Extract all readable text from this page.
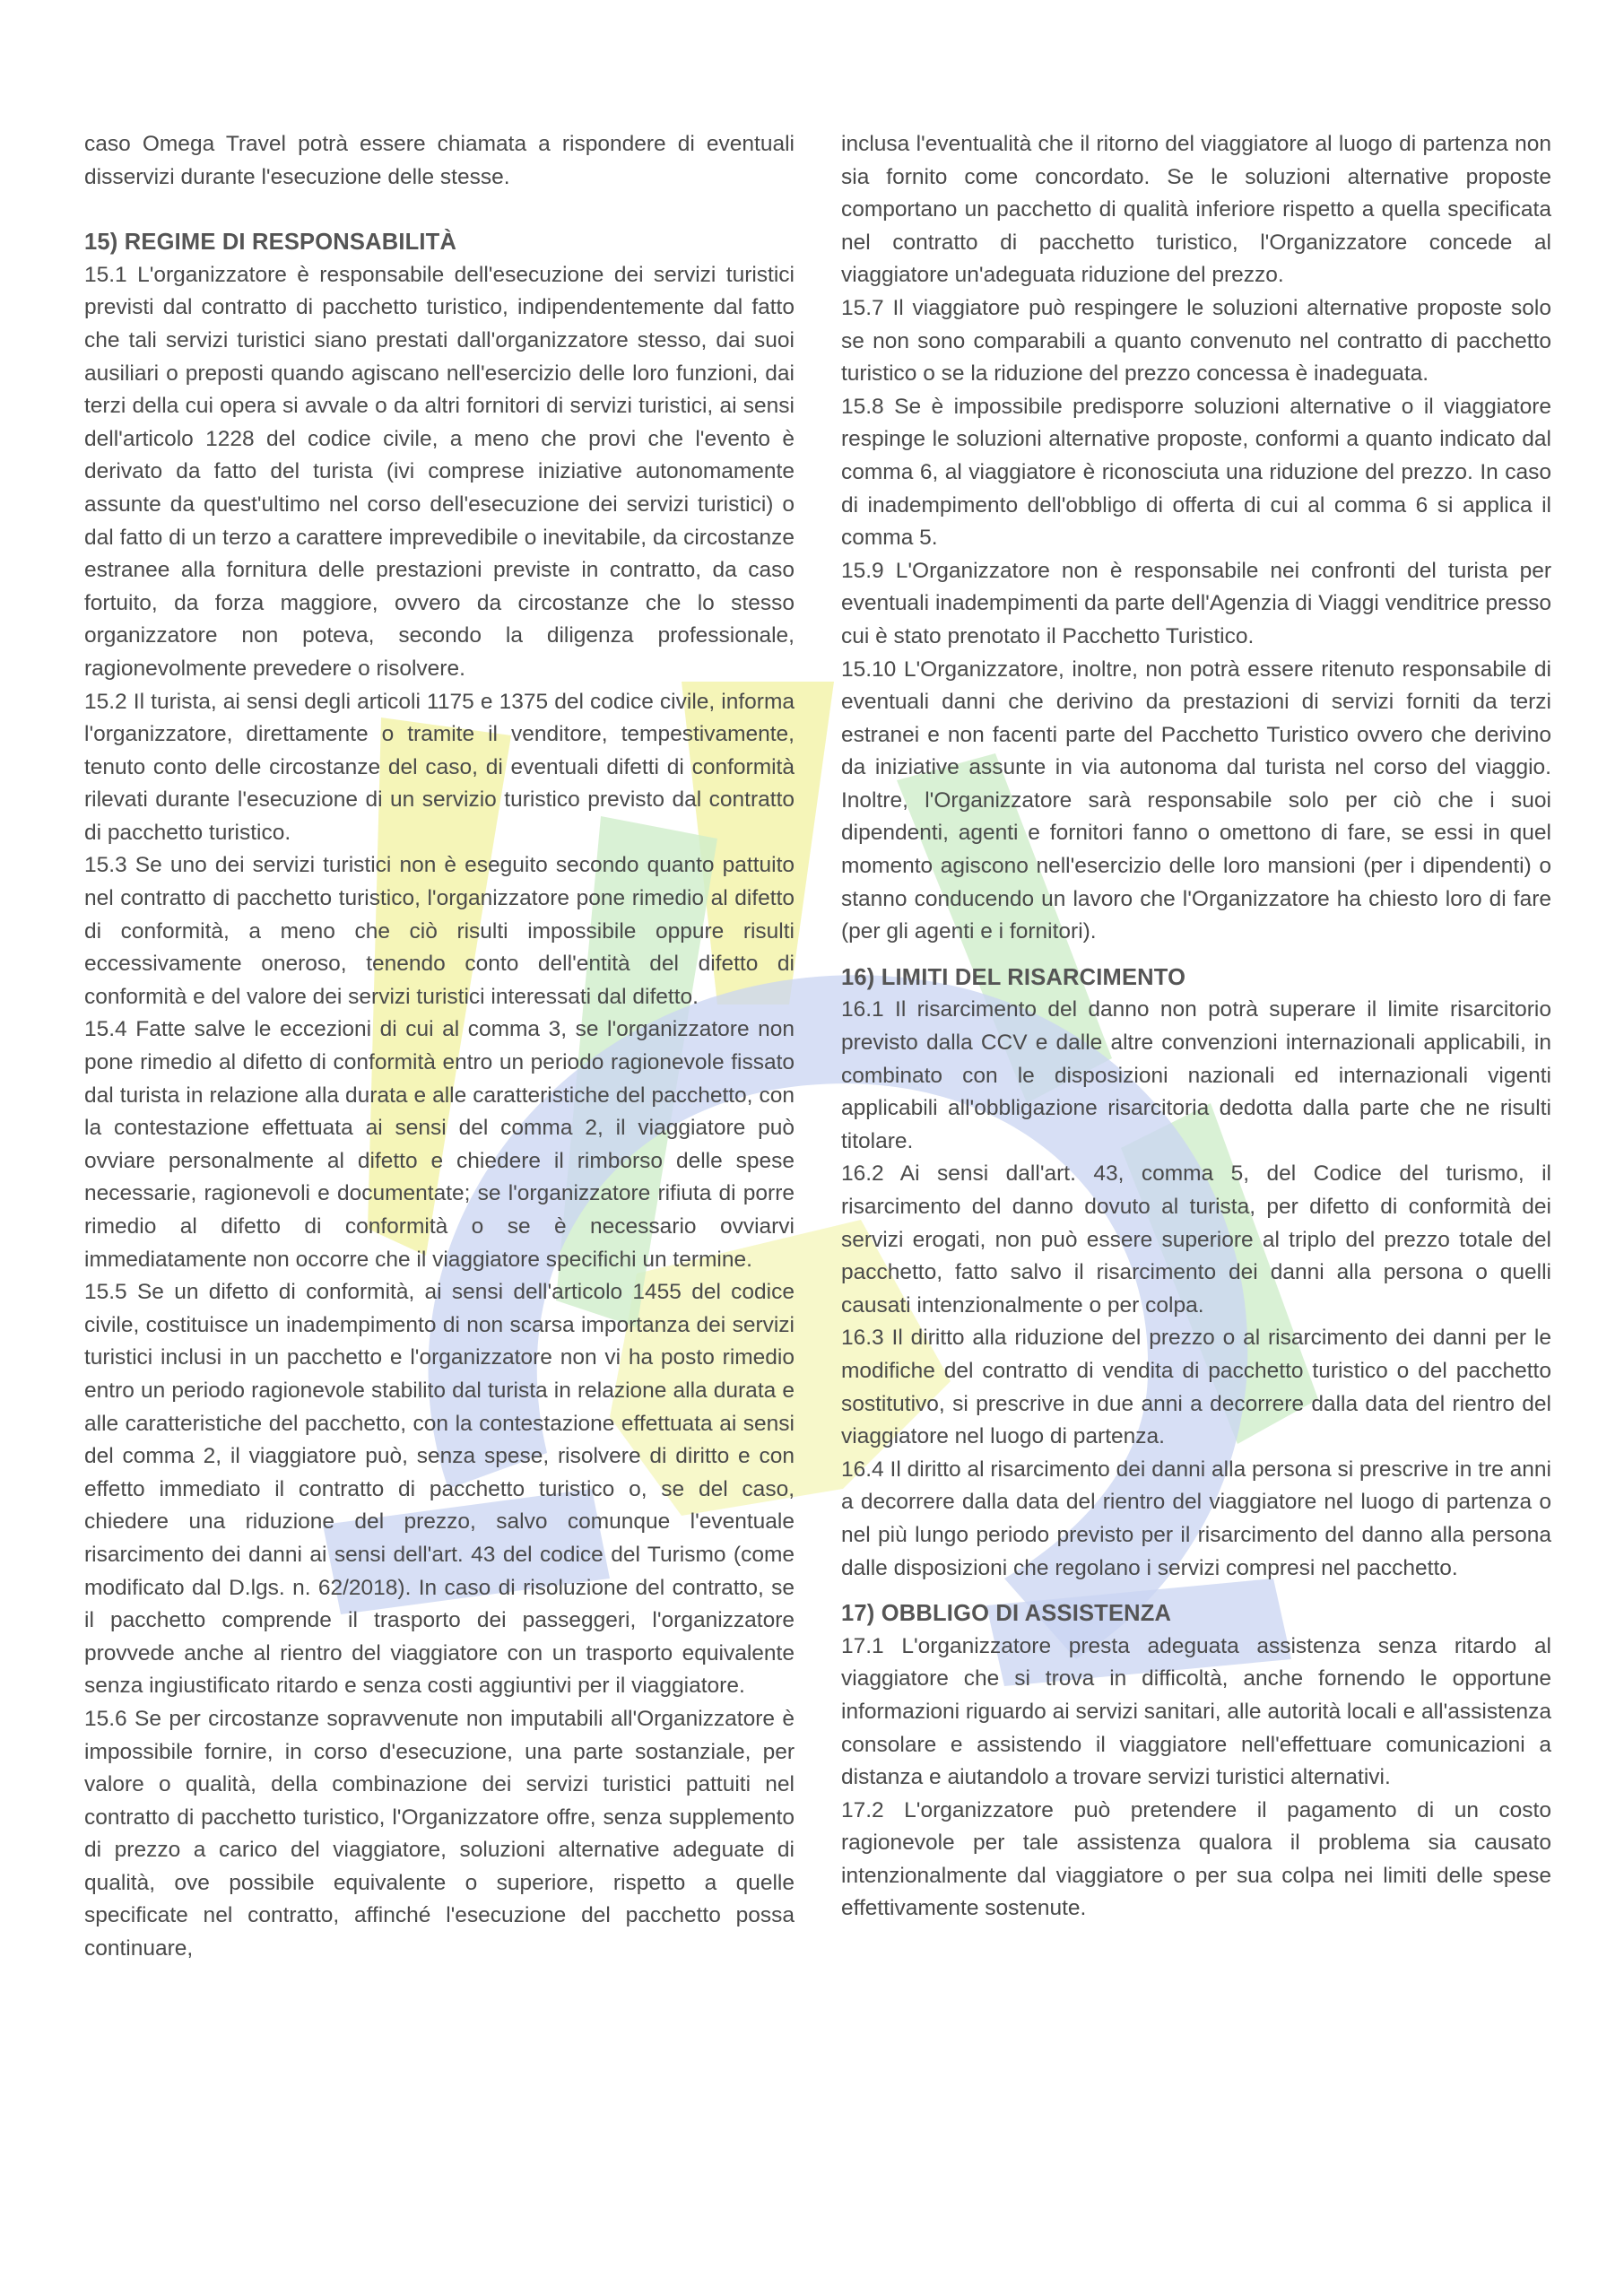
caso Omega Travel potrà essere chiamata a rispondere di eventuali disservizi durante l'esecuzione delle stesse.

15) REGIME DI RESPONSABILITÀ

15.1 L'organizzatore è responsabile dell'esecuzione dei servizi turistici previsti dal contratto di pacchetto turistico, indipendentemente dal fatto che tali servizi turistici siano prestati dall'organizzatore stesso, dai suoi ausiliari o preposti quando agiscano nell'esercizio delle loro funzioni, dai terzi della cui opera si avvale o da altri fornitori di servizi turistici, ai sensi dell'articolo 1228 del codice civile, a meno che provi che l'evento è derivato da fatto del turista (ivi comprese iniziative autonomamente assunte da quest'ultimo nel corso dell'esecuzione dei servizi turistici) o dal fatto di un terzo a carattere imprevedibile o inevitabile, da circostanze estranee alla fornitura delle prestazioni previste in contratto, da caso fortuito, da forza maggiore, ovvero da circostanze che lo stesso organizzatore non poteva, secondo la diligenza professionale, ragionevolmente prevedere o risolvere.

15.2 Il turista, ai sensi degli articoli 1175 e 1375 del codice civile, informa l'organizzatore, direttamente o tramite il venditore, tempestivamente, tenuto conto delle circostanze del caso, di eventuali difetti di conformità rilevati durante l'esecuzione di un servizio turistico previsto dal contratto di pacchetto turistico.

15.3 Se uno dei servizi turistici non è eseguito secondo quanto pattuito nel contratto di pacchetto turistico, l'organizzatore pone rimedio al difetto di conformità, a meno che ciò risulti impossibile oppure risulti eccessivamente oneroso, tenendo conto dell'entità del difetto di conformità e del valore dei servizi turistici interessati dal difetto.

15.4 Fatte salve le eccezioni di cui al comma 3, se l'organizzatore non pone rimedio al difetto di conformità entro un periodo ragionevole fissato dal turista in relazione alla durata e alle caratteristiche del pacchetto, con la contestazione effettuata ai sensi del comma 2, il viaggiatore può ovviare personalmente al difetto e chiedere il rimborso delle spese necessarie, ragionevoli e documentate; se l'organizzatore rifiuta di porre rimedio al difetto di conformità o se è necessario ovviarvi immediatamente non occorre che il viaggiatore specifichi un termine.

15.5 Se un difetto di conformità, ai sensi dell'articolo 1455 del codice civile, costituisce un inadempimento di non scarsa importanza dei servizi turistici inclusi in un pacchetto e l'organizzatore non vi ha posto rimedio entro un periodo ragionevole stabilito dal turista in relazione alla durata e alle caratteristiche del pacchetto, con la contestazione effettuata ai sensi del comma 2, il viaggiatore può, senza spese, risolvere di diritto e con effetto immediato il contratto di pacchetto turistico o, se del caso, chiedere una riduzione del prezzo, salvo comunque l'eventuale risarcimento dei danni ai sensi dell'art. 43 del codice del Turismo (come modificato dal D.lgs. n. 62/2018). In caso di risoluzione del contratto, se il pacchetto comprende il trasporto dei passeggeri, l'organizzatore provvede anche al rientro del viaggiatore con un trasporto equivalente senza ingiustificato ritardo e senza costi aggiuntivi per il viaggiatore.

15.6 Se per circostanze sopravvenute non imputabili all'Organizzatore è impossibile fornire, in corso d'esecuzione, una parte sostanziale, per valore o qualità, della combinazione dei servizi turistici pattuiti nel contratto di pacchetto turistico, l'Organizzatore offre, senza supplemento di prezzo a carico del viaggiatore, soluzioni alternative adeguate di qualità, ove possibile equivalente o superiore, rispetto a quelle specificate nel contratto, affinché l'esecuzione del pacchetto possa continuare,

inclusa l'eventualità che il ritorno del viaggiatore al luogo di partenza non sia fornito come concordato. Se le soluzioni alternative proposte comportano un pacchetto di qualità inferiore rispetto a quella specificata nel contratto di pacchetto turistico, l'Organizzatore concede al viaggiatore un'adeguata riduzione del prezzo.

15.7 Il viaggiatore può respingere le soluzioni alternative proposte solo se non sono comparabili a quanto convenuto nel contratto di pacchetto turistico o se la riduzione del prezzo concessa è inadeguata.

15.8 Se è impossibile predisporre soluzioni alternative o il viaggiatore respinge le soluzioni alternative proposte, conformi a quanto indicato dal comma 6, al viaggiatore è riconosciuta una riduzione del prezzo. In caso di inadempimento dell'obbligo di offerta di cui al comma 6 si applica il comma 5.

15.9 L'Organizzatore non è responsabile nei confronti del turista per eventuali inadempimenti da parte dell'Agenzia di Viaggi venditrice presso cui è stato prenotato il Pacchetto Turistico.

15.10 L'Organizzatore, inoltre, non potrà essere ritenuto responsabile di eventuali danni che derivino da prestazioni di servizi forniti da terzi estranei e non facenti parte del Pacchetto Turistico ovvero che derivino da iniziative assunte in via autonoma dal turista nel corso del viaggio. Inoltre, l'Organizzatore sarà responsabile solo per ciò che i suoi dipendenti, agenti e fornitori fanno o omettono di fare, se essi in quel momento agiscono nell'esercizio delle loro mansioni (per i dipendenti) o stanno conducendo un lavoro che l'Organizzatore ha chiesto loro di fare (per gli agenti e i fornitori).

16) LIMITI DEL RISARCIMENTO

16.1 Il risarcimento del danno non potrà superare il limite risarcitorio previsto dalla CCV e dalle altre convenzioni internazionali applicabili, in combinato con le disposizioni nazionali ed internazionali vigenti applicabili all'obbligazione risarcitoria dedotta dalla parte che ne risulti titolare.

16.2 Ai sensi dall'art. 43, comma 5, del Codice del turismo, il risarcimento del danno dovuto al turista, per difetto di conformità dei servizi erogati, non può essere superiore al triplo del prezzo totale del pacchetto, fatto salvo il risarcimento dei danni alla persona o quelli causati intenzionalmente o per colpa.

16.3 Il diritto alla riduzione del prezzo o al risarcimento dei danni per le modifiche del contratto di vendita di pacchetto turistico o del pacchetto sostitutivo, si prescrive in due anni a decorrere dalla data del rientro del viaggiatore nel luogo di partenza.

16.4 Il diritto al risarcimento dei danni alla persona si prescrive in tre anni a decorrere dalla data del rientro del viaggiatore nel luogo di partenza o nel più lungo periodo previsto per il risarcimento del danno alla persona dalle disposizioni che regolano i servizi compresi nel pacchetto.

17) OBBLIGO DI ASSISTENZA

17.1 L'organizzatore presta adeguata assistenza senza ritardo al viaggiatore che si trova in difficoltà, anche fornendo le opportune informazioni riguardo ai servizi sanitari, alle autorità locali e all'assistenza consolare e assistendo il viaggiatore nell'effettuare comunicazioni a distanza e aiutandolo a trovare servizi turistici alternativi.

17.2 L'organizzatore può pretendere il pagamento di un costo ragionevole per tale assistenza qualora il problema sia causato intenzionalmente dal viaggiatore o per sua colpa nei limiti delle spese effettivamente sostenute.
